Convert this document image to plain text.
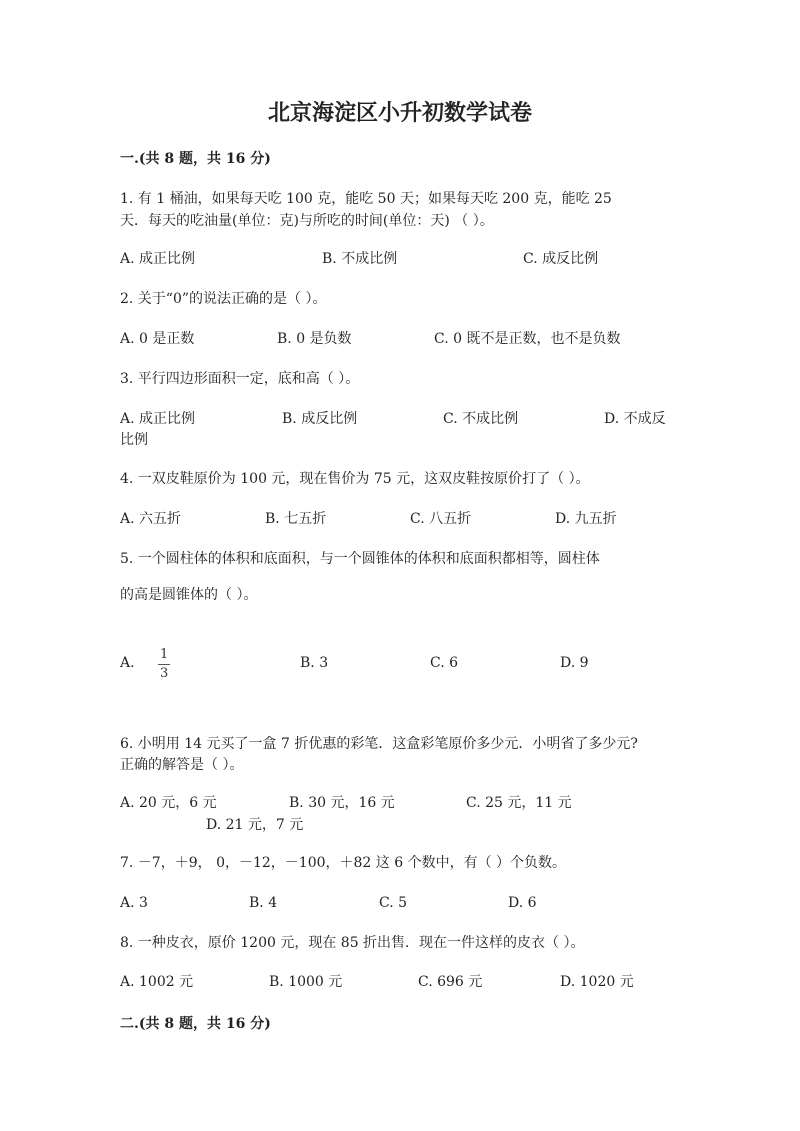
北京海淀区小升初数学试卷
一.(共 8 题，共 16 分)
1. 有 1 桶油，如果每天吃 100 克，能吃 50 天；如果每天吃 200 克，能吃 25
天．每天的吃油量(单位：克)与所吃的时间(单位：天) （ ）。
A. 成正比例	B. 不成比例	C. 成反比例
2. 关于“0”的说法正确的是（ ）。
A. 0 是正数	B. 0 是负数	C. 0 既不是正数，也不是负数
3. 平行四边形面积一定，底和高（ ）。
A. 成正比例	B. 成反比例	C. 不成比例	D. 不成反
比例
4. 一双皮鞋原价为 100 元，现在售价为 75 元，这双皮鞋按原价打了（ ）。
A. 六五折	B. 七五折	C. 八五折	D. 九五折
5. 一个圆柱体的体积和底面积，与一个圆锥体的体积和底面积都相等，圆柱体
的高是圆锥体的（ ）。
A. $\frac{1}{3}$	B. 3	C. 6	D. 9
6. 小明用 14 元买了一盒 7 折优惠的彩笔．这盒彩笔原价多少元．小明省了多少元?
正确的解答是（ ）。
A. 20 元，6 元	B. 30 元，16 元	C. 25 元，11 元
D. 21 元，7 元
7. －7，＋9， 0，－12，－100，＋82 这 6 个数中，有（ ）个负数。
A. 3	B. 4	C. 5	D. 6
8. 一种皮衣，原价 1200 元，现在 85 折出售．现在一件这样的皮衣（ ）。
A. 1002 元	B. 1000 元	C. 696 元	D. 1020 元
二.(共 8 题，共 16 分)
